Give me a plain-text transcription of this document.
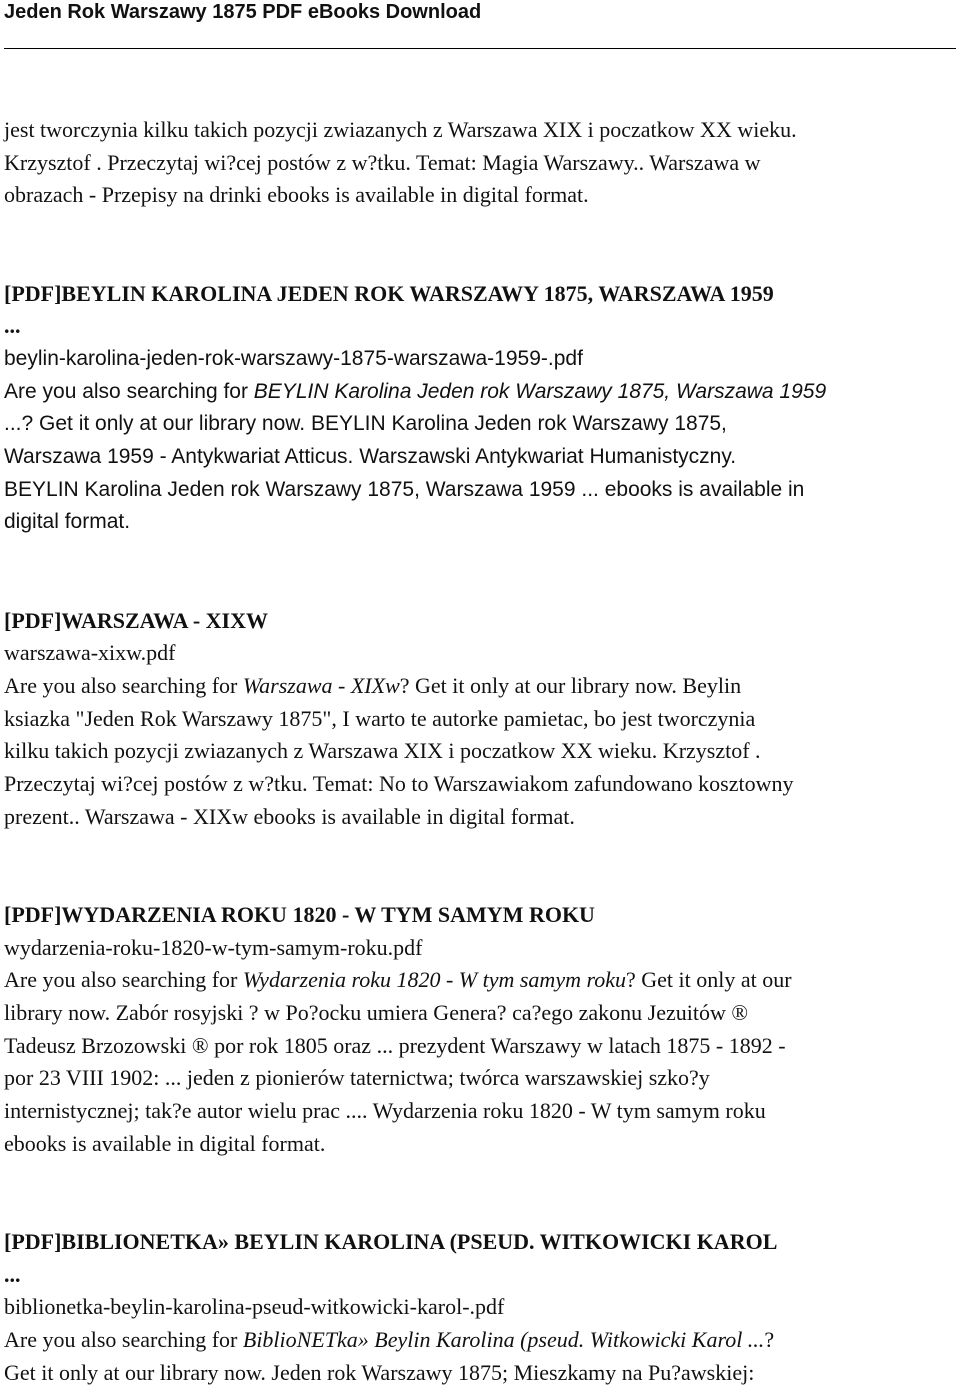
Jeden Rok Warszawy 1875 PDF eBooks Download

jest tworczynia kilku takich pozycji zwiazanych z Warszawa XIX i poczatkow XX wieku.

Krzysztof . Przeczytaj wi?cej postów z w?tku. Temat: Magia Warszawy.. Warszawa w

obrazach - Przepisy na drinki ebooks is available in digital format.

[PDF]BEYLIN KAROLINA JEDEN ROK WARSZAWY 1875, WARSZAWA 1959

...

beylin-karolina-jeden-rok-warszawy-1875-warszawa-1959-.pdf

Are you also searching for BEYLIN Karolina Jeden rok Warszawy 1875, Warszawa 1959

...? Get it only at our library now. BEYLIN Karolina Jeden rok Warszawy 1875,

Warszawa 1959 - Antykwariat Atticus. Warszawski Antykwariat Humanistyczny.

BEYLIN Karolina Jeden rok Warszawy 1875, Warszawa 1959 ... ebooks is available in

digital format.

[PDF]WARSZAWA - XIXW

warszawa-xixw.pdf

Are you also searching for Warszawa - XIXw? Get it only at our library now. Beylin

ksiazka "Jeden Rok Warszawy 1875", I warto te autorke pamietac, bo jest tworczynia

kilku takich pozycji zwiazanych z Warszawa XIX i poczatkow XX wieku. Krzysztof .

Przeczytaj wi?cej postów z w?tku. Temat: No to Warszawiakom zafundowano kosztowny

prezent.. Warszawa - XIXw ebooks is available in digital format.

[PDF]WYDARZENIA ROKU 1820 - W TYM SAMYM ROKU

wydarzenia-roku-1820-w-tym-samym-roku.pdf

Are you also searching for Wydarzenia roku 1820 - W tym samym roku? Get it only at our

library now. Zabór rosyjski ? w Po?ocku umiera Genera? ca?ego zakonu Jezuitów ®

Tadeusz Brzozowski ® por rok 1805 oraz ... prezydent Warszawy w latach 1875 - 1892 -

por 23 VIII 1902: ... jeden z pionierów taternictwa; twórca warszawskiej szko?y

internistycznej; tak?e autor wielu prac .... Wydarzenia roku 1820 - W tym samym roku

ebooks is available in digital format.

[PDF]BIBLIONETKA» BEYLIN KAROLINA (PSEUD. WITKOWICKI KAROL

...

biblionetka-beylin-karolina-pseud-witkowicki-karol-.pdf

Are you also searching for BiblioNETka» Beylin Karolina (pseud. Witkowicki Karol ...?

Get it only at our library now. Jeden rok Warszawy 1875; Mieszkamy na Pu?awskiej:
